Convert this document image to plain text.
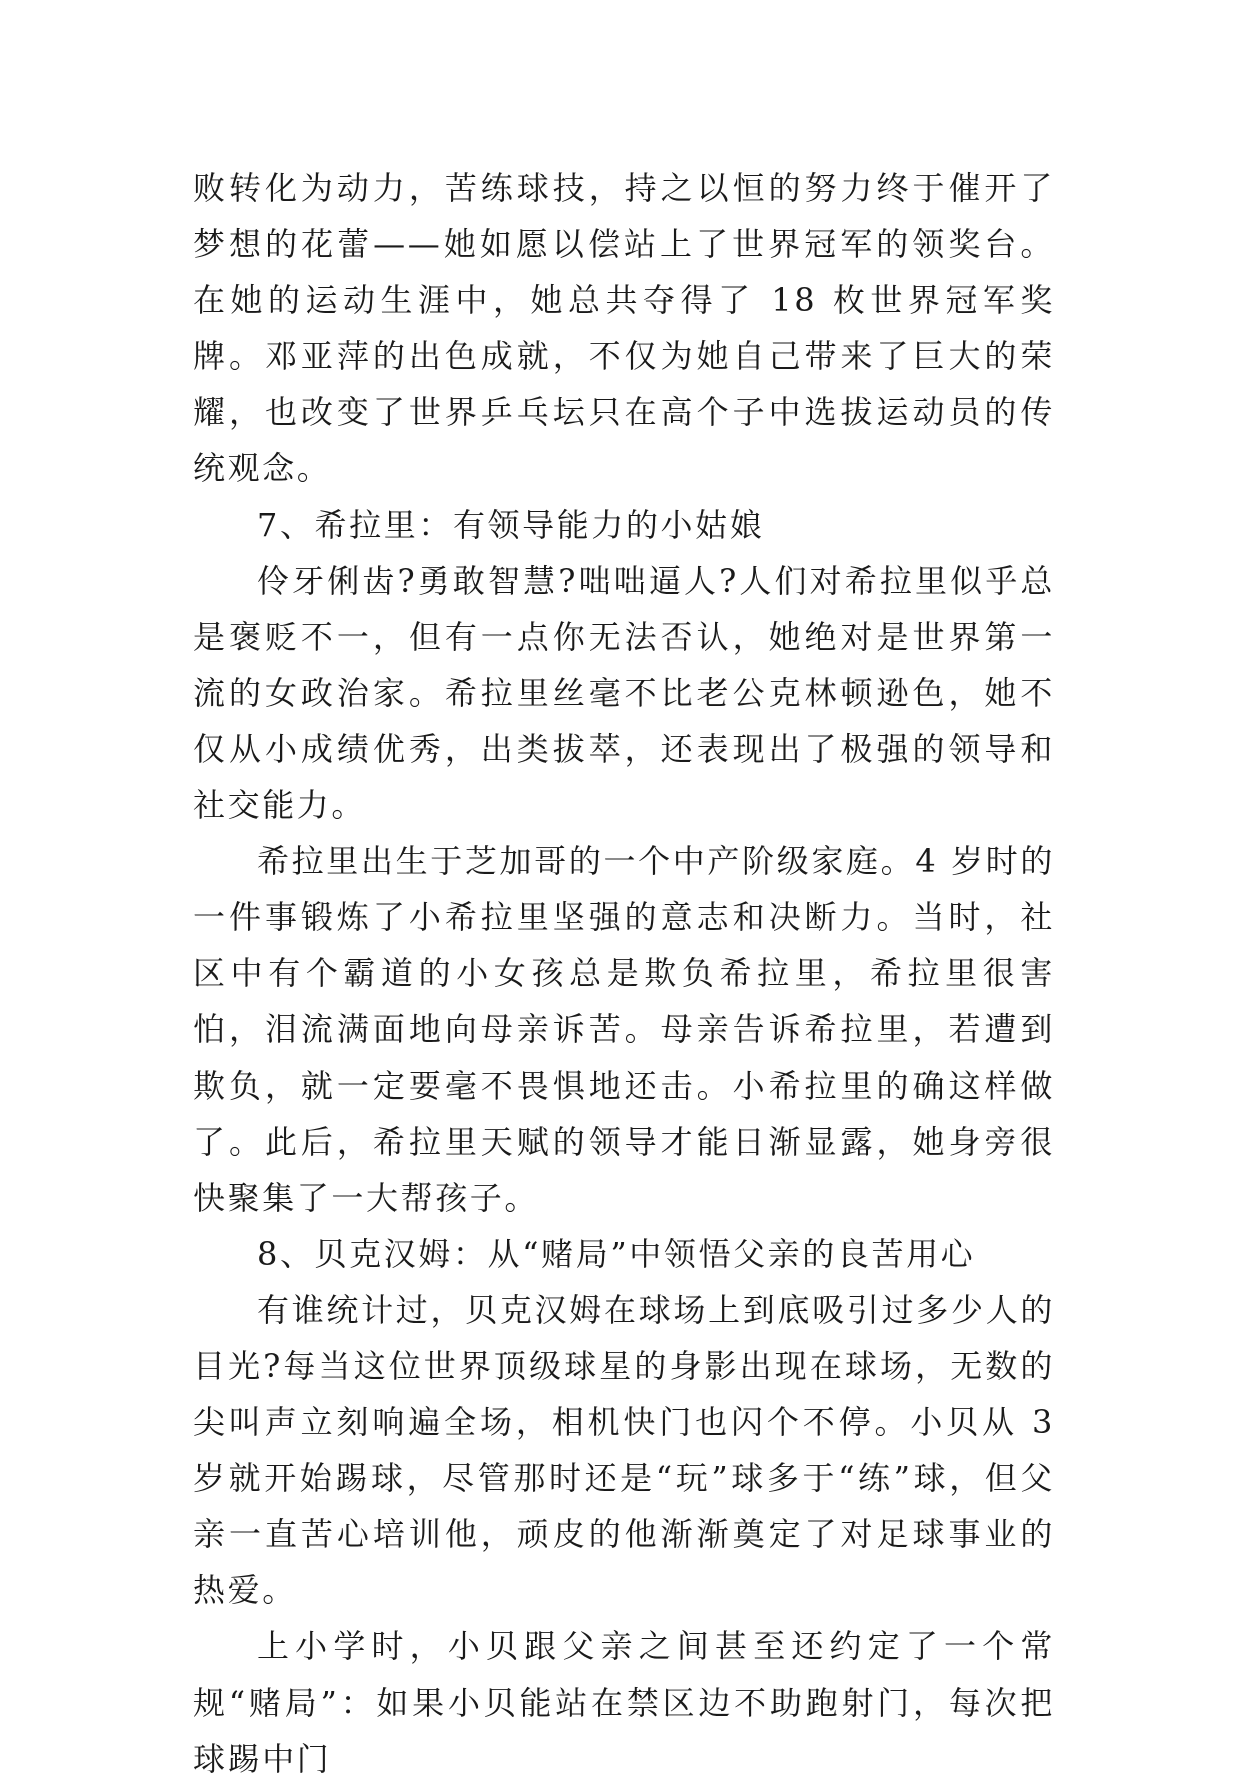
败转化为动力，苦练球技，持之以恒的努力终于催开了梦想的花蕾——她如愿以偿站上了世界冠军的领奖台。在她的运动生涯中，她总共夺得了 18 枚世界冠军奖牌。邓亚萍的出色成就，不仅为她自己带来了巨大的荣耀，也改变了世界乒乓坛只在高个子中选拔运动员的传统观念。

7、希拉里：有领导能力的小姑娘

伶牙俐齿?勇敢智慧?咄咄逼人?人们对希拉里似乎总是褒贬不一，但有一点你无法否认，她绝对是世界第一流的女政治家。希拉里丝毫不比老公克林顿逊色，她不仅从小成绩优秀，出类拔萃，还表现出了极强的领导和社交能力。

希拉里出生于芝加哥的一个中产阶级家庭。4 岁时的一件事锻炼了小希拉里坚强的意志和决断力。当时，社区中有个霸道的小女孩总是欺负希拉里，希拉里很害怕，泪流满面地向母亲诉苦。母亲告诉希拉里，若遭到欺负，就一定要毫不畏惧地还击。小希拉里的确这样做了。此后，希拉里天赋的领导才能日渐显露，她身旁很快聚集了一大帮孩子。

8、贝克汉姆：从“赌局”中领悟父亲的良苦用心

有谁统计过，贝克汉姆在球场上到底吸引过多少人的目光?每当这位世界顶级球星的身影出现在球场，无数的尖叫声立刻响遍全场，相机快门也闪个不停。小贝从 3 岁就开始踢球，尽管那时还是“玩”球多于“练”球，但父亲一直苦心培训他，顽皮的他渐渐奠定了对足球事业的热爱。

上小学时，小贝跟父亲之间甚至还约定了一个常规“赌局”：如果小贝能站在禁区边不助跑射门，每次把球踢中门
